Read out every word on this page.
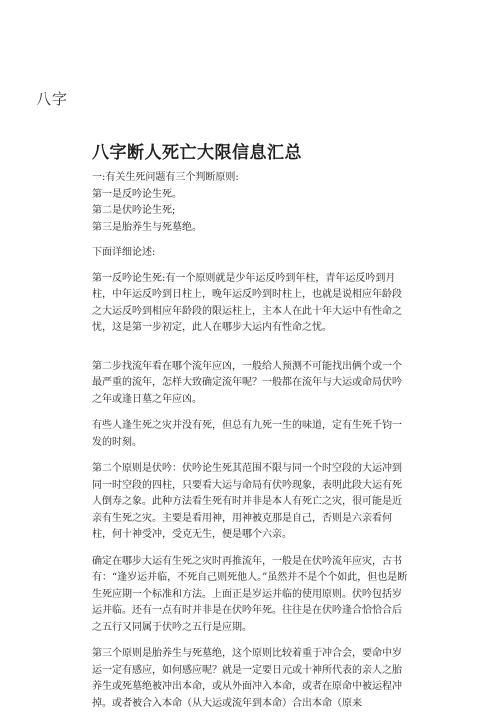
八字
八字断人死亡大限信息汇总

一:有关生死问题有三个判断原则:

第一是反吟论生死。

第二是伏吟论生死;

第三是胎养生与死墓绝。

下面详细论述:

第一反吟论生死:有一个原则就是少年运反吟到年柱，青年运反吟到月柱，中年运反吟到日柱上，晚年运反吟到时柱上，也就是说相应年龄段之大运反吟到相应年龄段的限运柱上，主本人在此十年大运中有性命之忧，这是第一步初定，此人在哪步大运内有性命之忧。

第二步找流年看在哪个流年应凶，一般给人预测不可能找出俩个或一个最严重的流年，怎样大致确定流年呢？一般都在流年与大运或命局伏吟之年或逢日墓之年应凶。

有些人逢生死之灾并没有死，但总有九死一生的味道，定有生死千钧一发的时刻。

第二个原则是伏吟：伏吟论生死其范围不限与同一个时空段的大运冲到同一时空段的四柱，只要看大运与命局有伏吟现象，表明此段大运有死人倒寿之象。此种方法看生死有时并非是本人有死亡之灾，很可能是近亲有生死之灾。主要是看用神，用神被克那是自己，否则是六亲看何柱，何十神受冲，受克无生，便是哪个六亲。

确定在哪步大运有生死之灾时再推流年，一般是在伏吟流年应灾，古书有：“逢岁运并临，不死自己则死他人。”虽然并不是个个如此，但也是断生死应期一个标准和方法。上面正是岁运并临的使用原则。伏吟包括岁运并临。还有一点有时并非是在伏吟年死。往往是在伏吟逢合恰恰合后之五行又同属于伏吟之五行是应期。

第三个原则是胎养生与死墓绝，这个原则比较着重于冲合会，要命中岁运一定有感应，如何感应呢？就是一定要日元或十神所代表的亲人之胎养生或死墓绝被冲出本命，或从外面冲入本命，或者在原命中被运程冲掉。或者被合入本命（从大运或流年到本命）合出本命（原来
